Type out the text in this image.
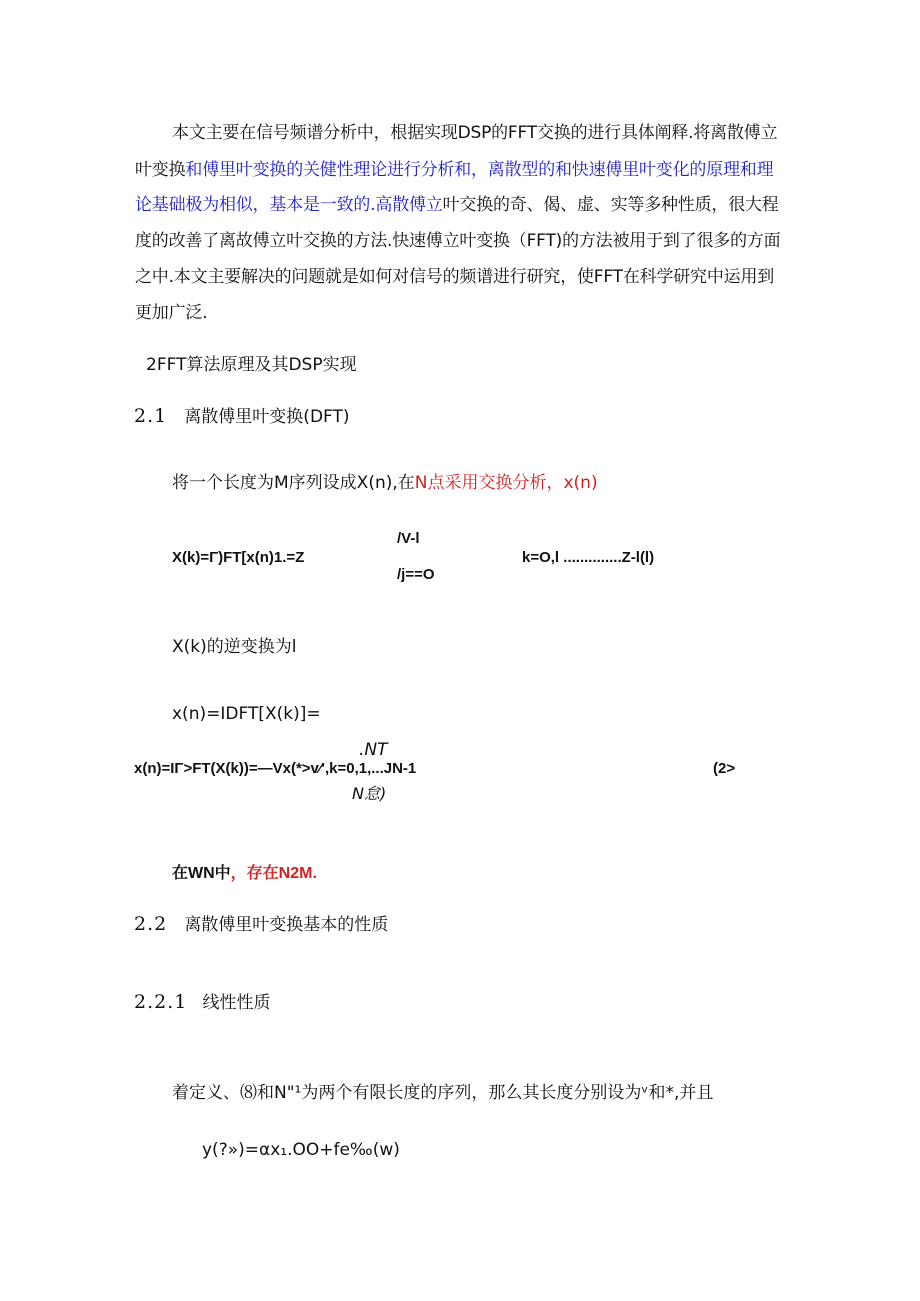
本文主要在信号频谱分析中，根据实现DSP的FFT交换的进行具体阐释.将离散傅立
叶变换和傅里叶变换的关健性理论进行分析和，离散型的和快速傅里叶变化的原理和理
论基础极为相似，基本是一致的.高散傅立叶交换的奇、偈、虚、实等多种性质，很大程
度的改善了离故傅立叶交换的方法.快速傅立叶变换（FFT)的方法被用于到了很多的方面
之中.本文主要解决的问题就是如何对信号的频谱进行研究，使FFT在科学研究中运用到
更加广泛.
2FFT算法原理及其DSP实现
2.1 离散傅里叶变换(DFT)
将一个长度为M序列设成X(n),在N点采用交换分析，x(n)
/V-l
X(k)=Γ)FT[x(n)1.=Z
/j==O
k=O,l ..............Z-l(l)
X(k)的逆变换为l
x(n)=IDFT[X(k)]=
.NT
x(n)=IΓ>FT(X(k))=—Vx(*>v⁄',k=0,1,...JN-1	(2>
N怠)
在WN中，存在N2M.
2.2 离散傅里叶变换基本的性质
2.2.1 线性性质
着定义、⑻和N"¹为两个有限长度的序列，那么其长度分别设为ᵛ和*,并且
y(?»)=αx₁.OO+fe‰(w)
